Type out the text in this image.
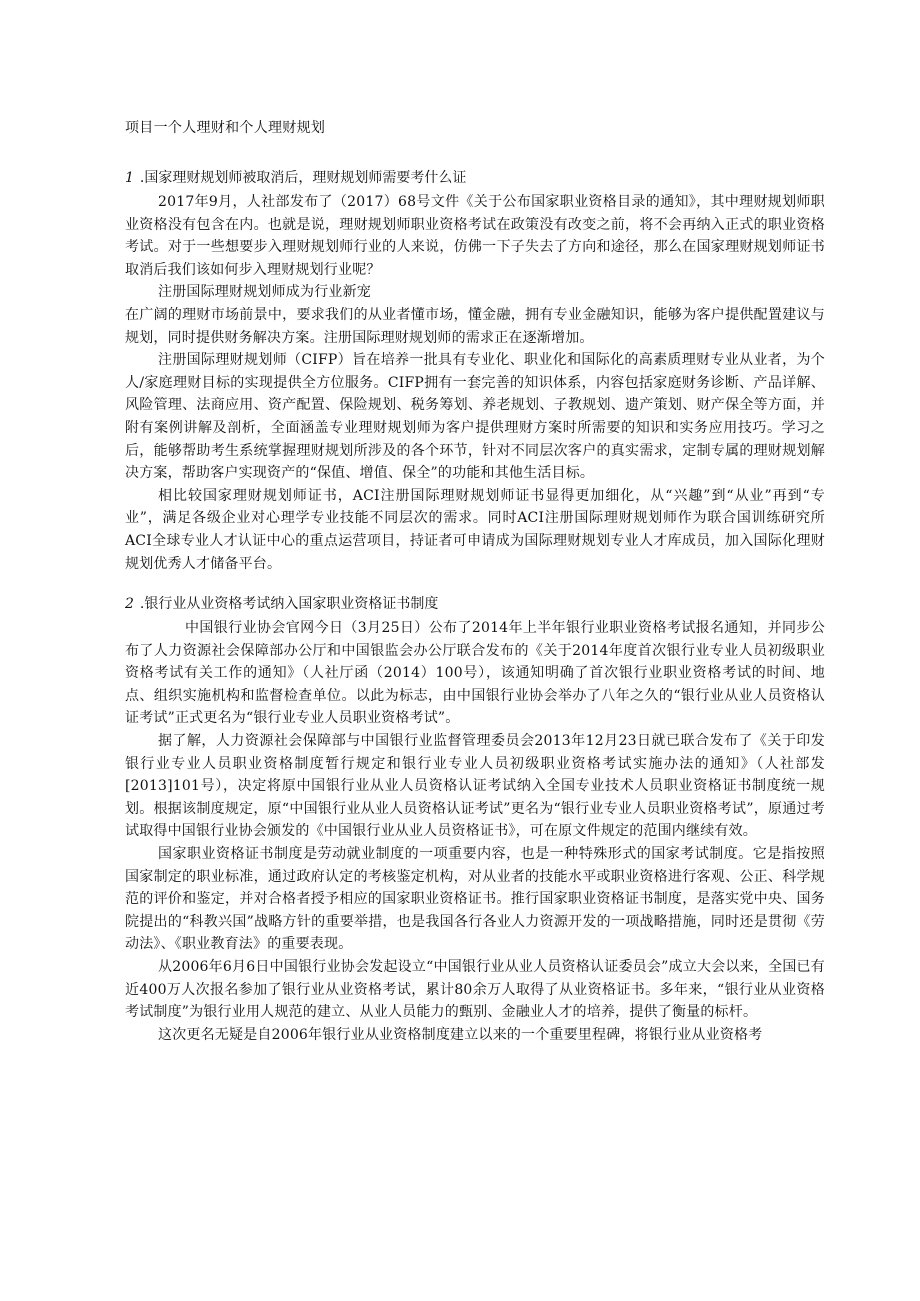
项目一个人理财和个人理财规划
1 .国家理财规划师被取消后，理财规划师需要考什么证

2017年9月，人社部发布了（2017）68号文件《关于公布国家职业资格目录的通知》，其中理财规划师职业资格没有包含在内。也就是说，理财规划师职业资格考试在政策没有改变之前，将不会再纳入正式的职业资格考试。对于一些想要步入理财规划师行业的人来说，仿佛一下子失去了方向和途径，那么在国家理财规划师证书取消后我们该如何步入理财规划行业呢？

注册国际理财规划师成为行业新宠

在广阔的理财市场前景中，要求我们的从业者懂市场，懂金融，拥有专业金融知识，能够为客户提供配置建议与规划，同时提供财务解决方案。注册国际理财规划师的需求正在逐渐增加。

注册国际理财规划师（CIFP）旨在培养一批具有专业化、职业化和国际化的高素质理财专业从业者，为个人/家庭理财目标的实现提供全方位服务。CIFP拥有一套完善的知识体系，内容包括家庭财务诊断、产品详解、风险管理、法商应用、资产配置、保险规划、税务筹划、养老规划、子教规划、遗产策划、财产保全等方面，并附有案例讲解及剖析，全面涵盖专业理财规划师为客户提供理财方案时所需要的知识和实务应用技巧。学习之后，能够帮助考生系统掌握理财规划所涉及的各个环节，针对不同层次客户的真实需求，定制专属的理财规划解决方案，帮助客户实现资产的“保值、增值、保全”的功能和其他生活目标。

相比较国家理财规划师证书，ACI注册国际理财规划师证书显得更加细化，从“兴趣”到“从业”再到“专业”，满足各级企业对心理学专业技能不同层次的需求。同时ACI注册国际理财规划师作为联合国训练研究所ACI全球专业人才认证中心的重点运营项目，持证者可申请成为国际理财规划专业人才库成员，加入国际化理财规划优秀人才储备平台。

2 .银行业从业资格考试纳入国家职业资格证书制度

中国银行业协会官网今日（3月25日）公布了2014年上半年银行业职业资格考试报名通知，并同步公布了人力资源社会保障部办公厅和中国银监会办公厅联合发布的《关于2014年度首次银行业专业人员初级职业资格考试有关工作的通知》（人社厅函（2014）100号），该通知明确了首次银行业职业资格考试的时间、地点、组织实施机构和监督检查单位。以此为标志，由中国银行业协会举办了八年之久的“银行业从业人员资格认证考试”正式更名为“银行业专业人员职业资格考试”。

据了解，人力资源社会保障部与中国银行业监督管理委员会2013年12月23日就已联合发布了《关于印发银行业专业人员职业资格制度暂行规定和银行业专业人员初级职业资格考试实施办法的通知》（人社部发[2013]101号），决定将原中国银行业从业人员资格认证考试纳入全国专业技术人员职业资格证书制度统一规划。根据该制度规定，原“中国银行业从业人员资格认证考试”更名为“银行业专业人员职业资格考试”，原通过考试取得中国银行业协会颁发的《中国银行业从业人员资格证书》，可在原文件规定的范围内继续有效。

国家职业资格证书制度是劳动就业制度的一项重要内容，也是一种特殊形式的国家考试制度。它是指按照国家制定的职业标准，通过政府认定的考核鉴定机构，对从业者的技能水平或职业资格进行客观、公正、科学规范的评价和鉴定，并对合格者授予相应的国家职业资格证书。推行国家职业资格证书制度，是落实党中央、国务院提出的“科教兴国”战略方针的重要举措，也是我国各行各业人力资源开发的一项战略措施，同时还是贯彻《劳动法》、《职业教育法》的重要表现。

从2006年6月6日中国银行业协会发起设立“中国银行业从业人员资格认证委员会”成立大会以来，全国已有近400万人次报名参加了银行业从业资格考试，累计80余万人取得了从业资格证书。多年来，“银行业从业资格考试制度”为银行业用人规范的建立、从业人员能力的甄别、金融业人才的培养，提供了衡量的标杆。

这次更名无疑是自2006年银行业从业资格制度建立以来的一个重要里程碑，将银行业从业资格考
